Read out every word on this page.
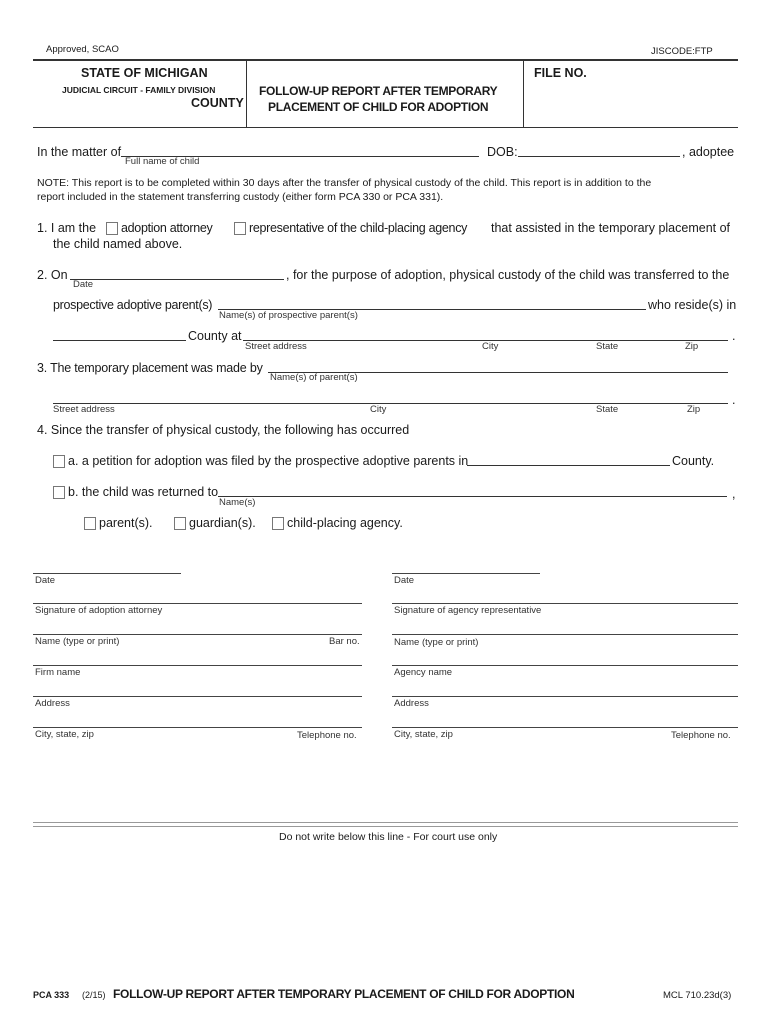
Approved, SCAO	JISCODE:FTP
STATE OF MICHIGAN
JUDICIAL CIRCUIT - FAMILY DIVISION
COUNTY
FOLLOW-UP REPORT AFTER TEMPORARY
PLACEMENT OF CHILD FOR ADOPTION
FILE NO.
In the matter of
Full name of child
DOB:	, adoptee
NOTE: This report is to be completed within 30 days after the transfer of physical custody of the child. This report is in addition to the
report included in the statement transferring custody (either form PCA 330 or PCA 331).
1. I am the adoption attorney	representative of the child-placing agency that assisted in the temporary placement of
the child named above.
2. On
Date
, for the purpose of adoption, physical custody of the child was transferred to the
prospective adoptive parent(s)
Name(s) of prospective parent(s)
who reside(s) in
County at	.
Street address	City	State	Zip
3. The temporary placement was made by
Name(s) of parent(s)
.
Street address	City	State	Zip
4. Since the transfer of physical custody, the following has occurred
a. a petition for adoption was filed by the prospective adoptive parents in	County.
b. the child was returned to	,
Name(s)
parent(s).	guardian(s).	child-placing agency.
Date
Signature of adoption attorney
Name (type or print)	Bar no.
Firm name
Address
City, state, zip	Telephone no.
Date
Signature of agency representative
Name (type or print)
Agency name
Address
City, state, zip	Telephone no.
Do not write below this line - For court use only
PCA 333 (2/15) FOLLOW-UP REPORT AFTER TEMPORARY PLACEMENT OF CHILD FOR ADOPTION	MCL 710.23d(3)
